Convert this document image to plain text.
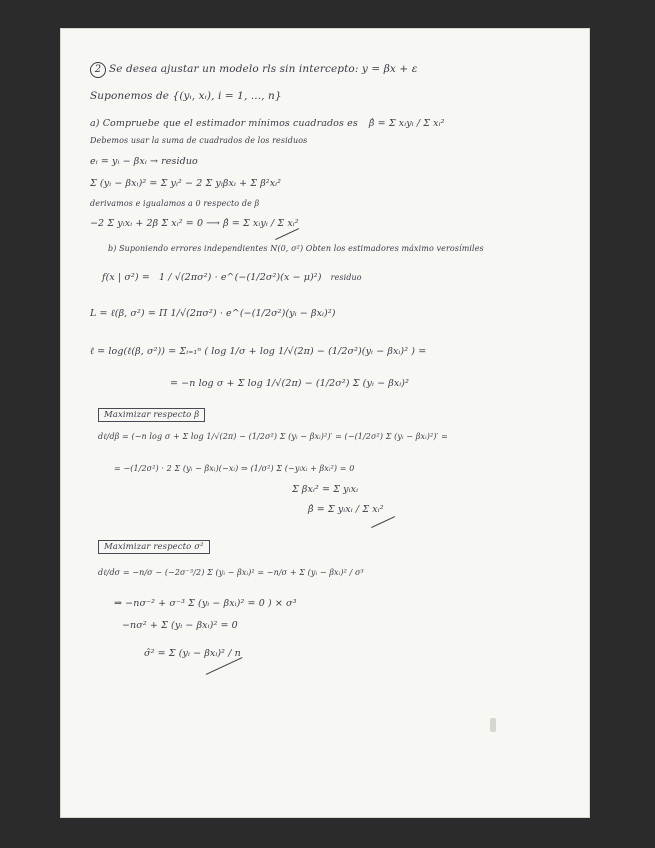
2 Se desea ajustar un modelo rls sin intercepto: y = βx + ε
Suponemos de {(yᵢ, xᵢ), i = 1, ..., n}
a) Compruebe que el estimador mínimos cuadrados es β̂ = Σ xᵢyᵢ / Σ xᵢ²
Debemos usar la suma de cuadrados de los residuos
eᵢ = yᵢ − βxᵢ → residuo
Σ (yᵢ − βxᵢ)² = Σ yᵢ² − 2 Σ yᵢβxᵢ + Σ β²xᵢ²
derivamos e igualamos a 0 respecto de β
−2 Σ yᵢxᵢ + 2β Σ xᵢ² = 0 ⟶ β̂ = Σ xᵢyᵢ / Σ xᵢ²
b) Suponiendo errores independientes N(0, σ²) Obten los estimadores máximo verosímiles
f(x | σ²) = 1 / √(2πσ²) · e^(−(1/2σ²)(x − μ)²) residuo
L = ℓ(β, σ²) = Π 1/√(2πσ²) · e^(−(1/2σ²)(yᵢ − βxᵢ)²)
ℓ = log(ℓ(β, σ²)) = Σᵢ₌₁ⁿ ( log 1/σ + log 1/√(2π) − (1/2σ²)(yᵢ − βxᵢ)² ) =
= −n log σ + Σ log 1/√(2π) − (1/2σ²) Σ (yᵢ − βxᵢ)²
Maximizar respecto β
dℓ/dβ = (−n log σ + Σ log 1/√(2π) − (1/2σ²) Σ (yᵢ − βxᵢ)²)′ = (−(1/2σ²) Σ (yᵢ − βxᵢ)²)′ =
= −(1/2σ²) · 2 Σ (yᵢ − βxᵢ)(−xᵢ) ⇒ (1/σ²) Σ (−yᵢxᵢ + βxᵢ²) = 0
Σ βxᵢ² = Σ yᵢxᵢ
β̂ = Σ yᵢxᵢ / Σ xᵢ²
Maximizar respecto σ²
dℓ/dσ = −n/σ − (−2σ⁻³/2) Σ (yᵢ − βxᵢ)² = −n/σ + Σ (yᵢ − βxᵢ)² / σ³
⇒ −nσ⁻² + σ⁻³ Σ (yᵢ − βxᵢ)² = 0 ) × σ³
−nσ² + Σ (yᵢ − βxᵢ)² = 0
σ̂² = Σ (yᵢ − βxᵢ)² / n
